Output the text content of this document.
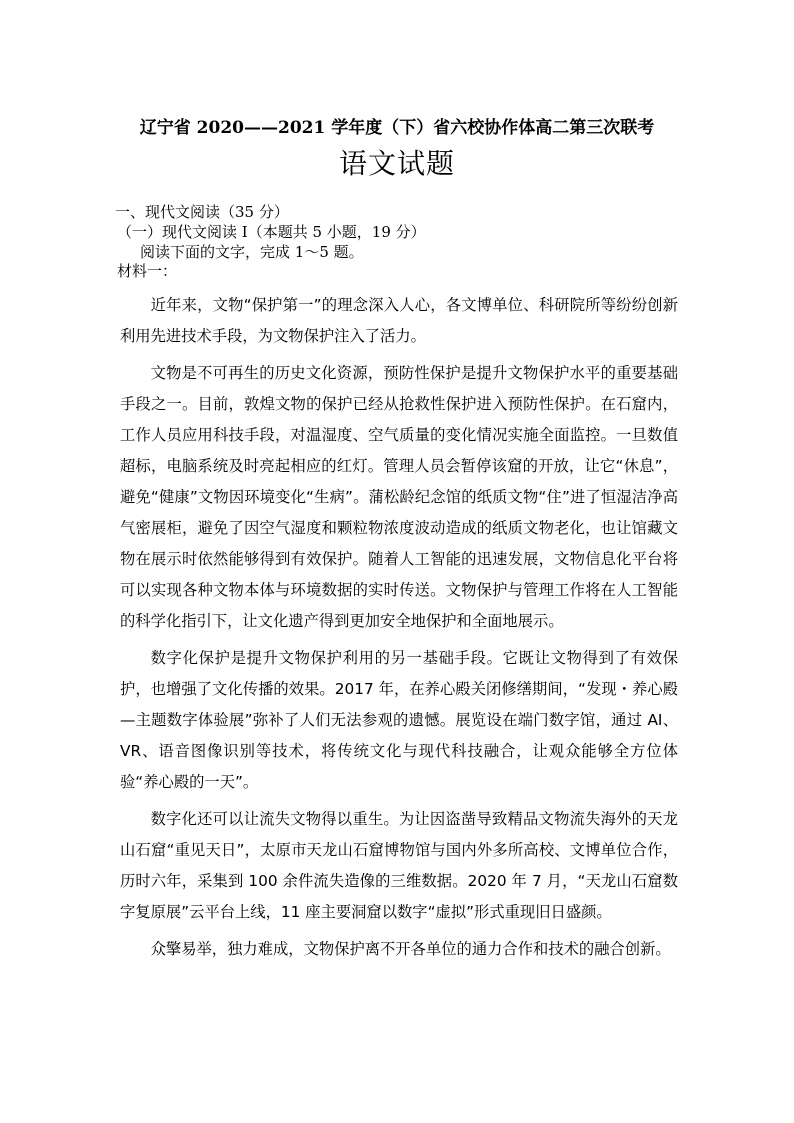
辽宁省 2020——2021 学年度（下）省六校协作体高二第三次联考
语文试题
一、现代文阅读（35 分）
（一）现代文阅读 I（本题共 5 小题，19 分）
阅读下面的文字，完成 1～5 题。
材料一：

近年来，文物“保护第一”的理念深入人心，各文博单位、科研院所等纷纷创新利用先进技术手段，为文物保护注入了活力。

文物是不可再生的历史文化资源，预防性保护是提升文物保护水平的重要基础手段之一。目前，敦煌文物的保护已经从抢救性保护进入预防性保护。在石窟内，工作人员应用科技手段，对温湿度、空气质量的变化情况实施全面监控。一旦数值超标，电脑系统及时亮起相应的红灯。管理人员会暂停该窟的开放，让它“休息”，避免“健康”文物因环境变化“生病”。蒲松龄纪念馆的纸质文物“住”进了恒湿洁净高气密展柜，避免了因空气湿度和颗粒物浓度波动造成的纸质文物老化，也让馆藏文物在展示时依然能够得到有效保护。随着人工智能的迅速发展，文物信息化平台将可以实现各种文物本体与环境数据的实时传送。文物保护与管理工作将在人工智能的科学化指引下，让文化遗产得到更加安全地保护和全面地展示。

数字化保护是提升文物保护利用的另一基础手段。它既让文物得到了有效保护，也增强了文化传播的效果。2017 年，在养心殿关闭修缮期间，“发现・养心殿—主题数字体验展”弥补了人们无法参观的遗憾。展览设在端门数字馆，通过 AI、VR、语音图像识别等技术，将传统文化与现代科技融合，让观众能够全方位体验“养心殿的一天”。

数字化还可以让流失文物得以重生。为让因盗凿导致精品文物流失海外的天龙山石窟“重见天日”，太原市天龙山石窟博物馆与国内外多所高校、文博单位合作，历时六年，采集到 100 余件流失造像的三维数据。2020 年 7 月，“天龙山石窟数字复原展”云平台上线，11 座主要洞窟以数字“虚拟”形式重现旧日盛颜。

众擎易举，独力难成，文物保护离不开各单位的通力合作和技术的融合创新。
